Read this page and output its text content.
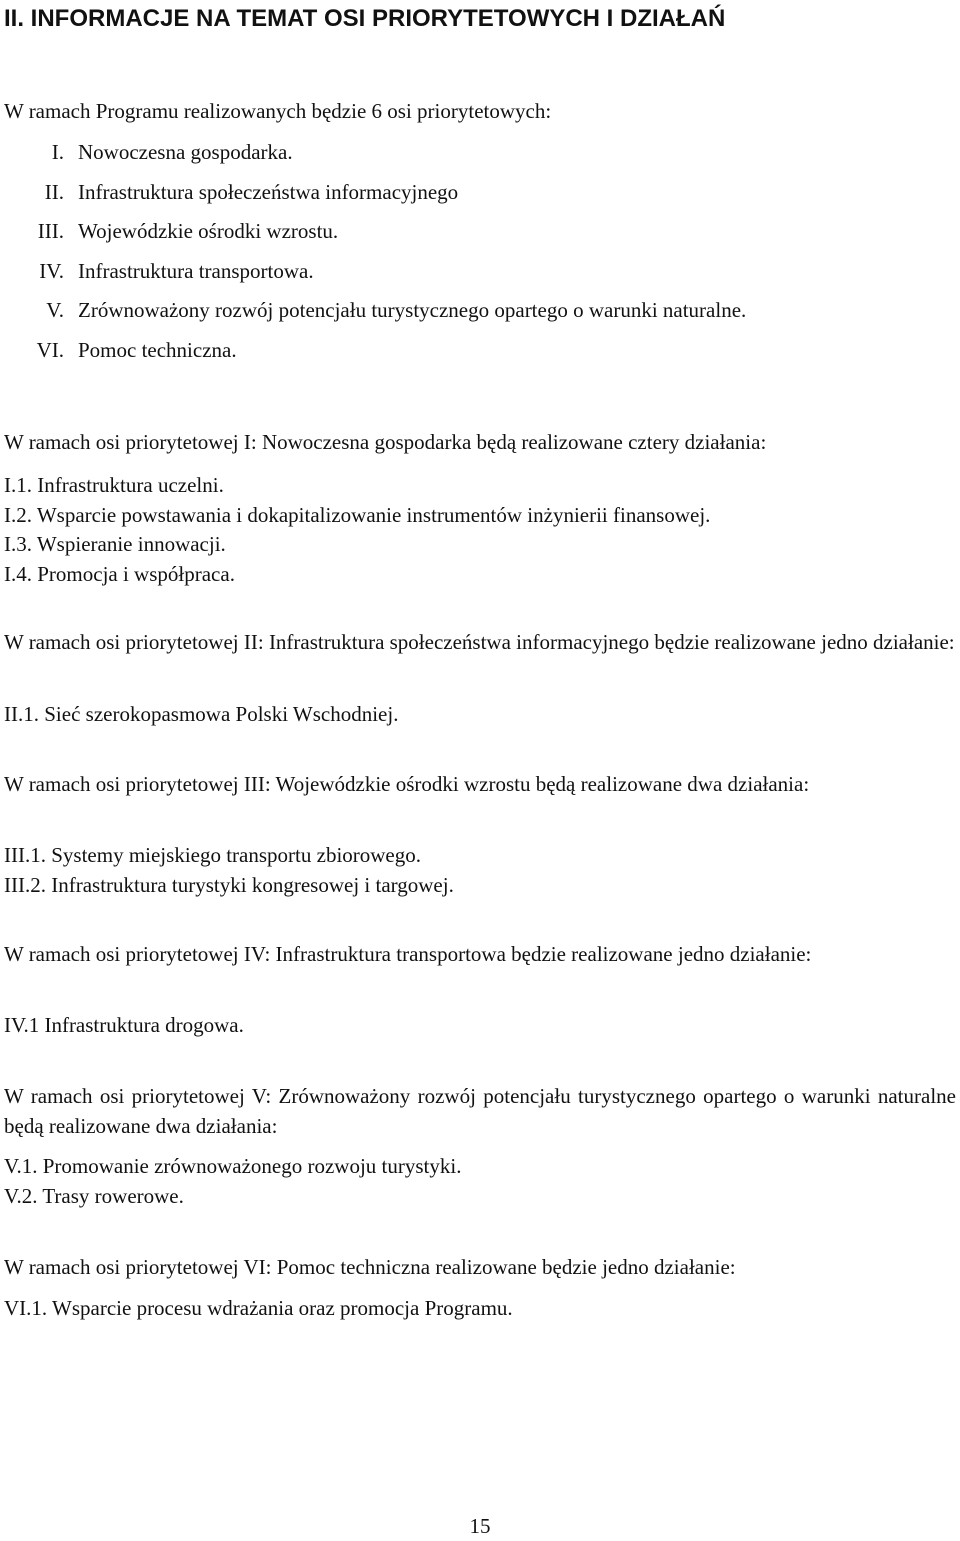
II. INFORMACJE NA TEMAT OSI PRIORYTETOWYCH I DZIAŁAŃ
W ramach Programu realizowanych będzie 6 osi priorytetowych:
I. Nowoczesna gospodarka.
II. Infrastruktura społeczeństwa informacyjnego
III. Wojewódzkie ośrodki wzrostu.
IV. Infrastruktura transportowa.
V. Zrównoważony rozwój potencjału turystycznego opartego o warunki naturalne.
VI. Pomoc techniczna.
W ramach osi priorytetowej I: Nowoczesna gospodarka będą realizowane cztery działania:
I.1. Infrastruktura uczelni.
I.2. Wsparcie powstawania i dokapitalizowanie instrumentów inżynierii finansowej.
I.3. Wspieranie innowacji.
I.4. Promocja i współpraca.
W ramach osi priorytetowej II: Infrastruktura społeczeństwa informacyjnego będzie realizowane jedno działanie:
II.1. Sieć szerokopasmowa Polski Wschodniej.
W ramach osi priorytetowej III: Wojewódzkie ośrodki wzrostu będą realizowane dwa działania:
III.1. Systemy miejskiego transportu zbiorowego.
III.2. Infrastruktura turystyki kongresowej i targowej.
W ramach osi priorytetowej IV: Infrastruktura transportowa będzie realizowane jedno działanie:
IV.1 Infrastruktura drogowa.
W ramach osi priorytetowej V: Zrównoważony rozwój potencjału turystycznego opartego o warunki naturalne będą realizowane dwa działania:
V.1. Promowanie zrównoważonego rozwoju turystyki.
V.2. Trasy rowerowe.
W ramach osi priorytetowej VI: Pomoc techniczna realizowane będzie jedno działanie:
VI.1. Wsparcie procesu wdrażania oraz promocja Programu.
15
